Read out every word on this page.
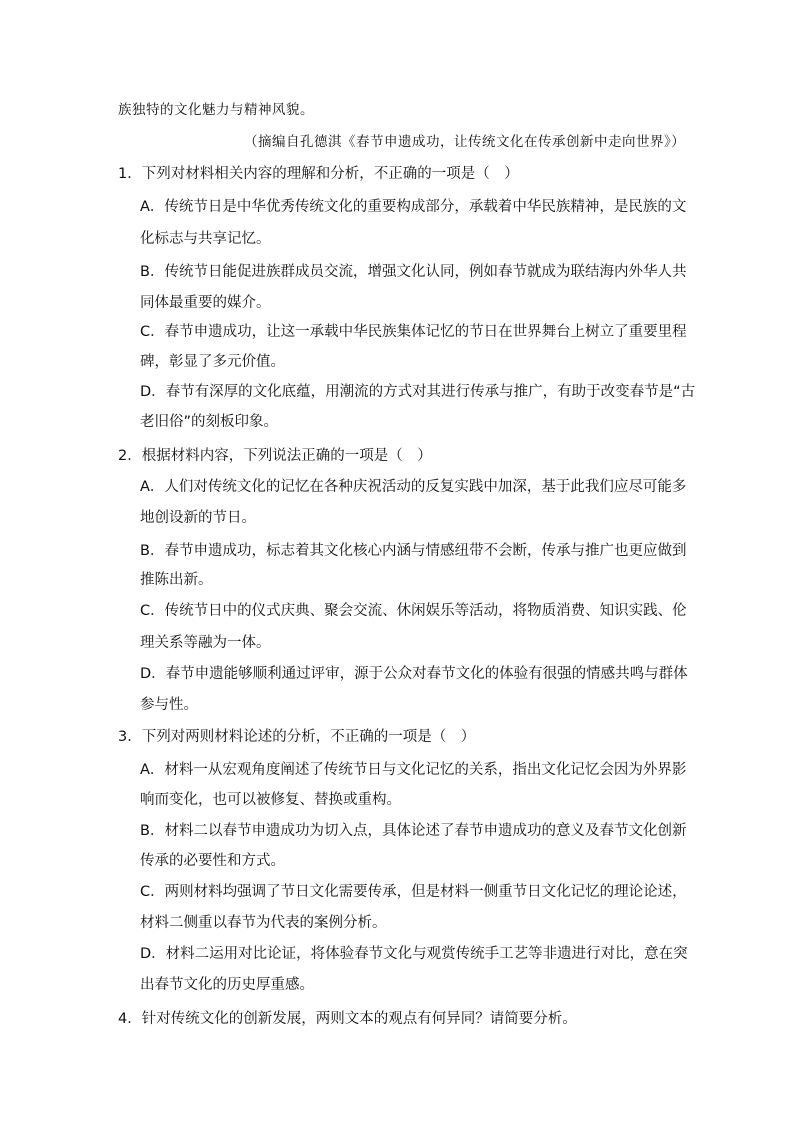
族独特的文化魅力与精神风貌。
（摘编自孔德淇《春节申遗成功，让传统文化在传承创新中走向世界》）
1．下列对材料相关内容的理解和分析，不正确的一项是（　）
A．传统节日是中华优秀传统文化的重要构成部分，承载着中华民族精神，是民族的文
化标志与共享记忆。
B．传统节日能促进族群成员交流，增强文化认同，例如春节就成为联结海内外华人共
同体最重要的媒介。
C．春节申遗成功，让这一承载中华民族集体记忆的节日在世界舞台上树立了重要里程
碑，彰显了多元价值。
D．春节有深厚的文化底蕴，用潮流的方式对其进行传承与推广，有助于改变春节是“古
老旧俗”的刻板印象。
2．根据材料内容，下列说法正确的一项是（　）
A．人们对传统文化的记忆在各种庆祝活动的反复实践中加深，基于此我们应尽可能多
地创设新的节日。
B．春节申遗成功，标志着其文化核心内涵与情感纽带不会断，传承与推广也更应做到
推陈出新。
C．传统节日中的仪式庆典、聚会交流、休闲娱乐等活动，将物质消费、知识实践、伦
理关系等融为一体。
D．春节申遗能够顺利通过评审，源于公众对春节文化的体验有很强的情感共鸣与群体
参与性。
3．下列对两则材料论述的分析，不正确的一项是（　）
A．材料一从宏观角度阐述了传统节日与文化记忆的关系，指出文化记忆会因为外界影
响而变化，也可以被修复、替换或重构。
B．材料二以春节申遗成功为切入点，具体论述了春节申遗成功的意义及春节文化创新
传承的必要性和方式。
C．两则材料均强调了节日文化需要传承，但是材料一侧重节日文化记忆的理论论述，
材料二侧重以春节为代表的案例分析。
D．材料二运用对比论证，将体验春节文化与观赏传统手工艺等非遗进行对比，意在突
出春节文化的历史厚重感。
4．针对传统文化的创新发展，两则文本的观点有何异同？请简要分析。
